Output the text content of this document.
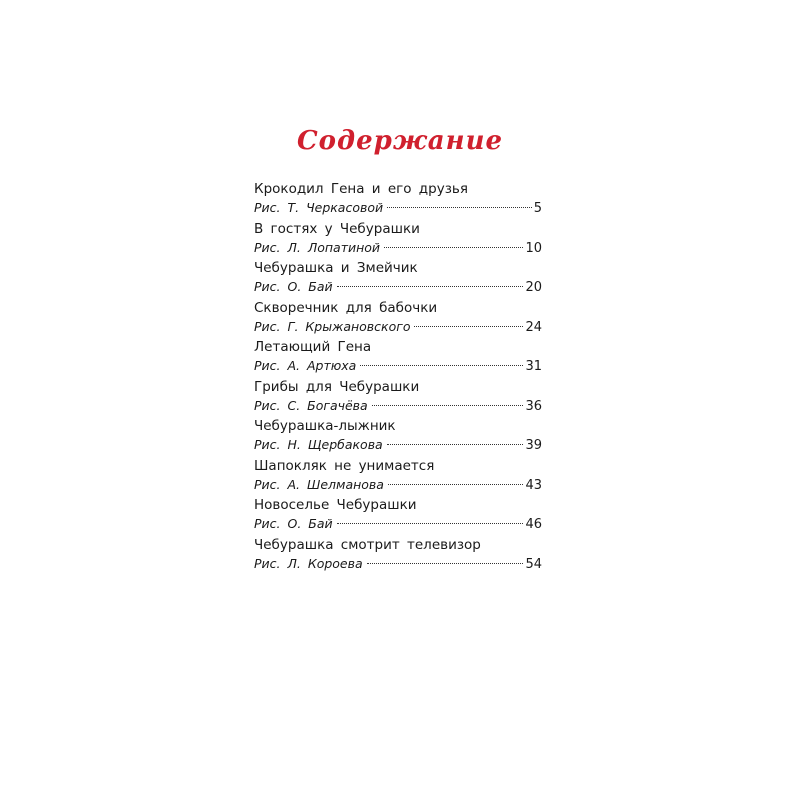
Содержание
Крокодил Гена и его друзья
Рис. Т. Черкасовой	5
В гостях у Чебурашки
Рис. Л. Лопатиной	10
Чебурашка и Змейчик
Рис. О. Бай	20
Скворечник для бабочки
Рис. Г. Крыжановского	24
Летающий Гена
Рис. А. Артюха	31
Грибы для Чебурашки
Рис. С. Богачёва	36
Чебурашка-лыжник
Рис. Н. Щербакова	39
Шапокляк не унимается
Рис. А. Шелманова	43
Новоселье Чебурашки
Рис. О. Бай	46
Чебурашка смотрит телевизор
Рис. Л. Короева	54
